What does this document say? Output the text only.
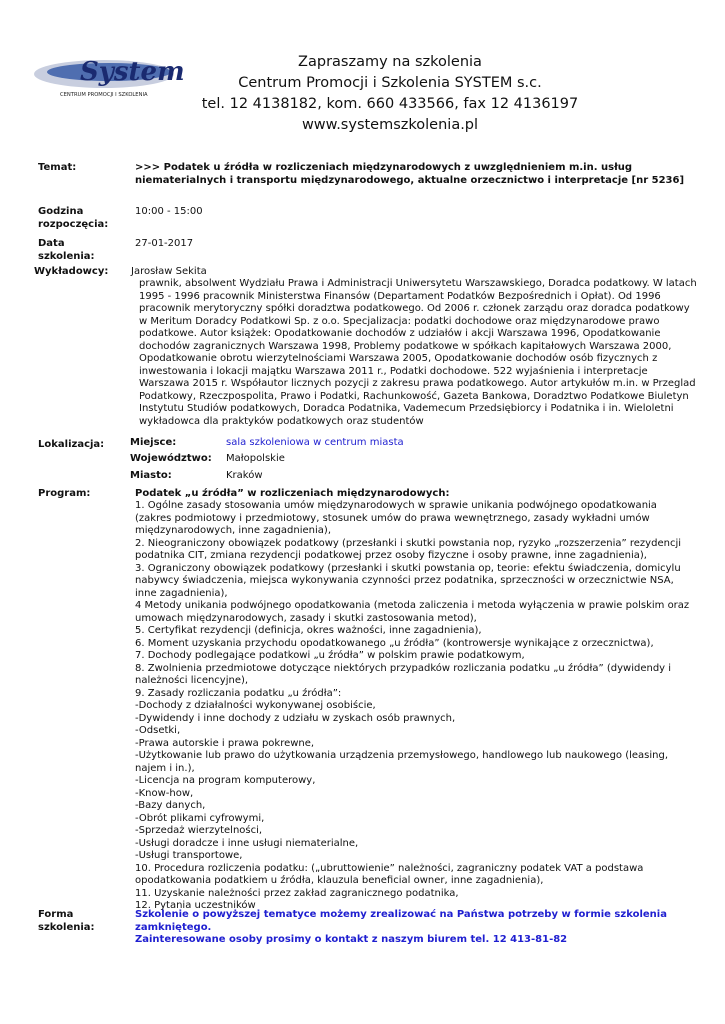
System
CENTRUM PROMOCJI I SZKOLENIA
Zapraszamy na szkolenia
Centrum Promocji i Szkolenia SYSTEM s.c.
tel. 12 4138182, kom. 660 433566, fax 12 4136197
www.systemszkolenia.pl
Temat:	>>> Podatek u źródła w rozliczeniach międzynarodowych z uwzględnieniem m.in. usług niematerialnych i transportu międzynarodowego, aktualne orzecznictwo i interpretacje [nr 5236]
Godzina
rozpoczęcia:
10:00 - 15:00
Data
szkolenia:
27-01-2017
Wykładowcy: Jarosław Sekita
prawnik, absolwent Wydziału Prawa i Administracji Uniwersytetu Warszawskiego, Doradca podatkowy. W latach 1995 - 1996 pracownik Ministerstwa Finansów (Departament Podatków Bezpośrednich i Opłat). Od 1996 pracownik merytoryczny spółki doradztwa podatkowego. Od 2006 r. członek zarządu oraz doradca podatkowy w Meritum Doradcy Podatkowi Sp. z o.o. Specjalizacja: podatki dochodowe oraz międzynarodowe prawo podatkowe. Autor książek: Opodatkowanie dochodów z udziałów i akcji Warszawa 1996, Opodatkowanie dochodów zagranicznych Warszawa 1998, Problemy podatkowe w spółkach kapitałowych Warszawa 2000, Opodatkowanie obrotu wierzytelnościami Warszawa 2005, Opodatkowanie dochodów osób fizycznych z inwestowania i lokacji majątku Warszawa 2011 r., Podatki dochodowe. 522 wyjaśnienia i interpretacje Warszawa 2015 r. Współautor licznych pozycji z zakresu prawa podatkowego. Autor artykułów m.in. w Przeglad Podatkowy, Rzeczpospolita, Prawo i Podatki, Rachunkowość, Gazeta Bankowa, Doradztwo Podatkowe Biuletyn Instytutu Studiów podatkowych, Doradca Podatnika, Vademecum Przedsiębiorcy i Podatnika i in. Wieloletni wykładowca dla praktyków podatkowych oraz studentów
Lokalizacja:	Miejsce:	sala szkoleniowa w centrum miasta
Województwo: Małopolskie
Miasto:	Kraków
Program:	Podatek „u źródła” w rozliczeniach międzynarodowych:
1. Ogólne zasady stosowania umów międzynarodowych w sprawie unikania podwójnego opodatkowania (zakres podmiotowy i przedmiotowy, stosunek umów do prawa wewnętrznego, zasady wykładni umów międzynarodowych, inne zagadnienia),
2. Nieograniczony obowiązek podatkowy (przesłanki i skutki powstania nop, ryzyko „rozszerzenia” rezydencji podatnika CIT, zmiana rezydencji podatkowej przez osoby fizyczne i osoby prawne, inne zagadnienia),
3. Ograniczony obowiązek podatkowy (przesłanki i skutki powstania op, teorie: efektu świadczenia, domicylu nabywcy świadczenia, miejsca wykonywania czynności przez podatnika, sprzeczności w orzecznictwie NSA, inne zagadnienia),
4 Metody unikania podwójnego opodatkowania (metoda zaliczenia i metoda wyłączenia w prawie polskim oraz umowach międzynarodowych, zasady i skutki zastosowania metod),
5. Certyfikat rezydencji (definicja, okres ważności, inne zagadnienia),
6. Moment uzyskania przychodu opodatkowanego „u źródła” (kontrowersje wynikające z orzecznictwa),
7. Dochody podlegające podatkowi „u źródła” w polskim prawie podatkowym,
8. Zwolnienia przedmiotowe dotyczące niektórych przypadków rozliczania podatku „u źródła” (dywidendy i należności licencyjne),
9. Zasady rozliczania podatku „u źródła”:
-Dochody z działalności wykonywanej osobiście,
-Dywidendy i inne dochody z udziału w zyskach osób prawnych,
-Odsetki,
-Prawa autorskie i prawa pokrewne,
-Użytkowanie lub prawo do użytkowania urządzenia przemysłowego, handlowego lub naukowego (leasing, najem i in.),
-Licencja na program komputerowy,
-Know-how,
-Bazy danych,
-Obrót plikami cyfrowymi,
-Sprzedaż wierzytelności,
-Usługi doradcze i inne usługi niematerialne,
-Usługi transportowe,
10. Procedura rozliczenia podatku: („ubruttowienie” należności, zagraniczny podatek VAT a podstawa opodatkowania podatkiem u źródła, klauzula beneficial owner, inne zagadnienia),
11. Uzyskanie należności przez zakład zagranicznego podatnika,
12. Pytania uczestników
Forma
szkolenia:
Szkolenie o powyższej tematyce możemy zrealizować na Państwa potrzeby w formie szkolenia zamkniętego.
Zainteresowane osoby prosimy o kontakt z naszym biurem tel. 12 413-81-82
